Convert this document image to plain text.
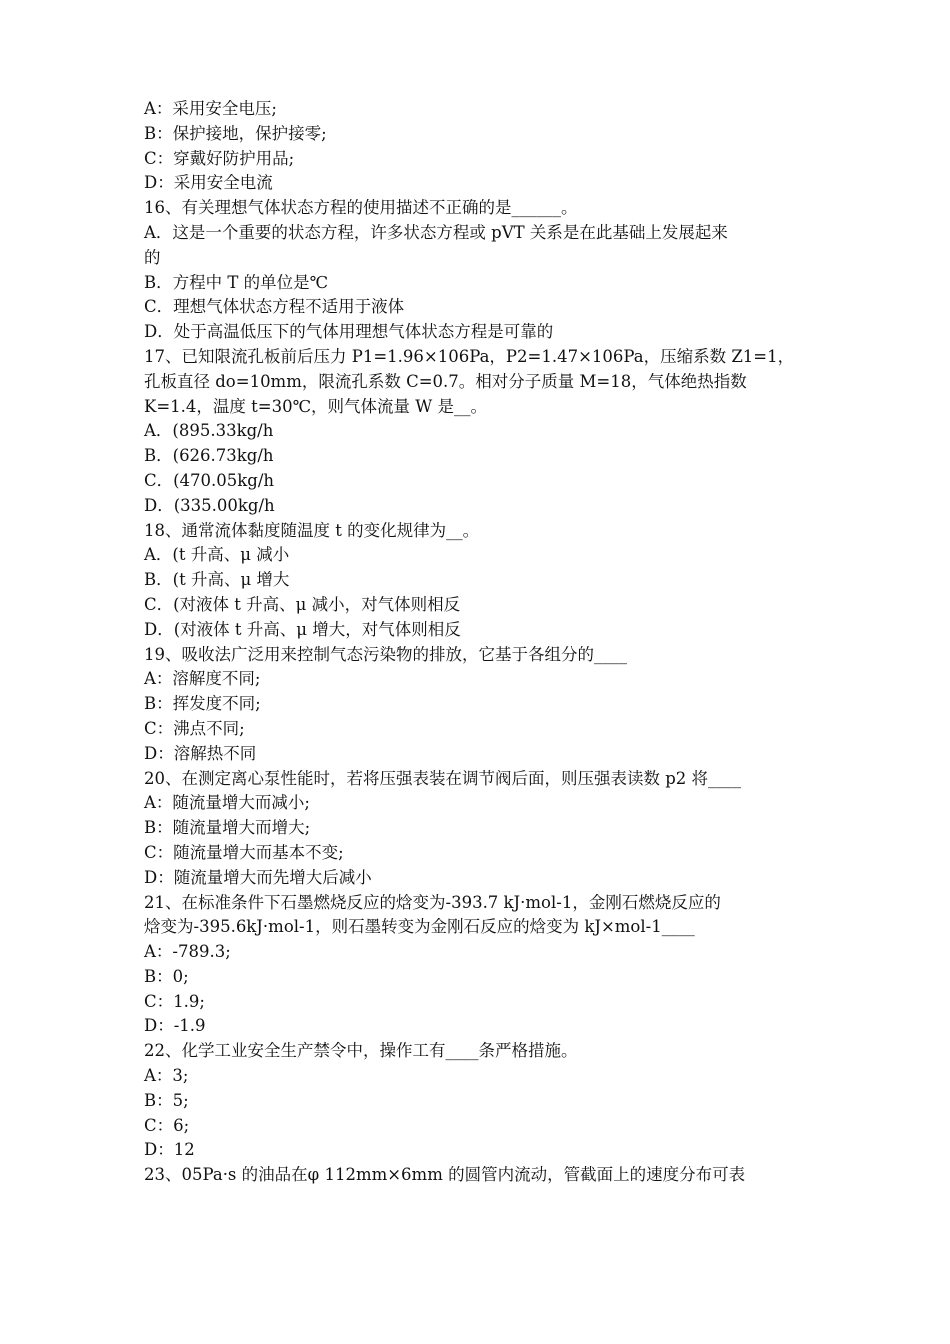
A：采用安全电压;
B：保护接地，保护接零;
C：穿戴好防护用品;
D：采用安全电流
16、有关理想气体状态方程的使用描述不正确的是______。
A．这是一个重要的状态方程，许多状态方程或 pVT 关系是在此基础上发展起来
的
B．方程中 T 的单位是℃
C．理想气体状态方程不适用于液体
D．处于高温低压下的气体用理想气体状态方程是可靠的
17、已知限流孔板前后压力 P1=1.96×106Pa，P2=1.47×106Pa，压缩系数 Z1=1，
孔板直径 do=10mm，限流孔系数 C=0.7。相对分子质量 M=18，气体绝热指数
K=1.4，温度 t=30℃，则气体流量 W 是__。
A．(895.33kg/h
B．(626.73kg/h
C．(470.05kg/h
D．(335.00kg/h
18、通常流体黏度随温度 t 的变化规律为__。
A．(t 升高、μ 减小
B．(t 升高、μ 增大
C．(对液体 t 升高、μ 减小，对气体则相反
D．(对液体 t 升高、μ 增大，对气体则相反
19、吸收法广泛用来控制气态污染物的排放，它基于各组分的____
A：溶解度不同;
B：挥发度不同;
C：沸点不同;
D：溶解热不同
20、在测定离心泵性能时，若将压强表装在调节阀后面，则压强表读数 p2 将____
A：随流量增大而减小;
B：随流量增大而增大;
C：随流量增大而基本不变;
D：随流量增大而先增大后减小
21、在标准条件下石墨燃烧反应的焓变为-393.7 kJ·mol-1，金刚石燃烧反应的
焓变为-395.6kJ·mol-1，则石墨转变为金刚石反应的焓变为 kJ×mol-1____
A：-789.3;
B：0;
C：1.9;
D：-1.9
22、化学工业安全生产禁令中，操作工有____条严格措施。
A：3;
B：5;
C：6;
D：12
23、05Pa·s 的油品在φ 112mm×6mm 的圆管内流动，管截面上的速度分布可表
